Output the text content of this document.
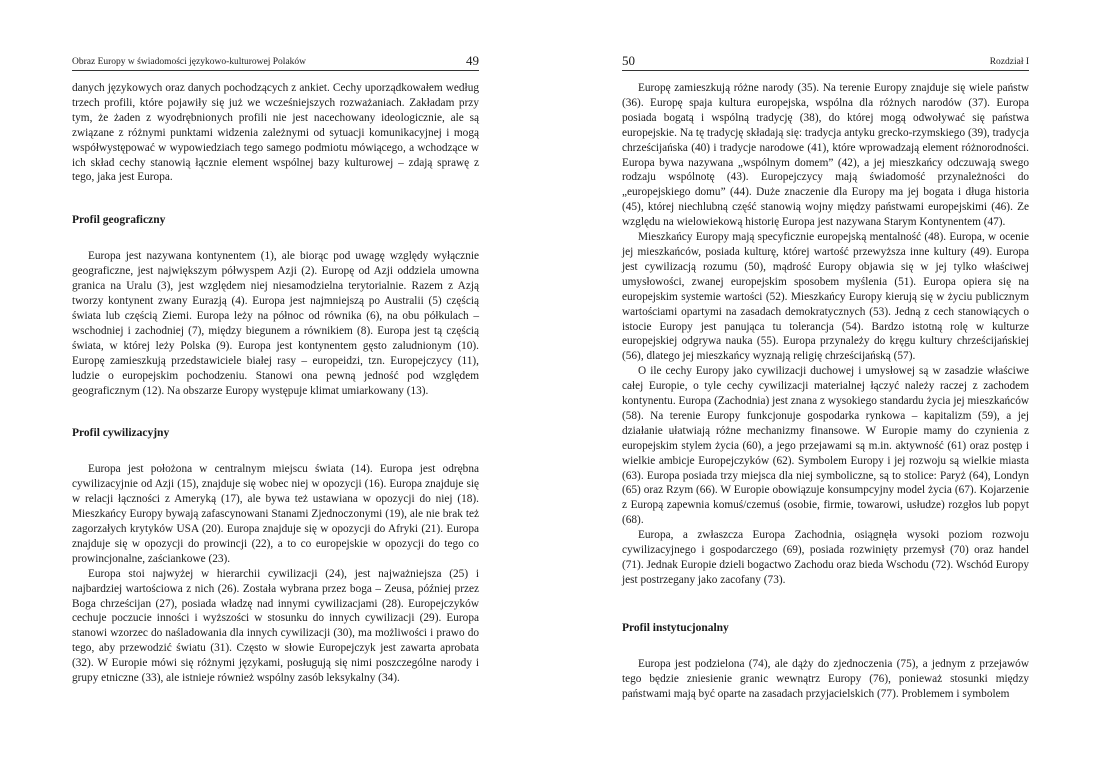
Obraz Europy w świadomości językowo-kulturowej Polaków	49

danych językowych oraz danych pochodzących z ankiet. Cechy uporządkowałem według trzech profili, które pojawiły się już we wcześniejszych rozważaniach. Zakładam przy tym, że żaden z wyodrębnionych profili nie jest nacechowany ideologicznie, ale są związane z różnymi punktami widzenia zależnymi od sytuacji komunikacyjnej i mogą współwystępować w wypowiedziach tego samego podmiotu mówiącego, a wchodzące w ich skład cechy stanowią łącznie element wspólnej bazy kulturowej – zdają sprawę z tego, jaka jest Europa.

Profil geograficzny

Europa jest nazywana kontynentem (1), ale biorąc pod uwagę względy wyłącznie geograficzne, jest największym półwyspem Azji (2). Europę od Azji oddziela umowna granica na Uralu (3), jest względem niej niesamodzielna terytorialnie. Razem z Azją tworzy kontynent zwany Eurazją (4). Europa jest najmniejszą po Australii (5) częścią świata lub częścią Ziemi. Europa leży na północ od równika (6), na obu półkulach – wschodniej i zachodniej (7), między biegunem a równikiem (8). Europa jest tą częścią świata, w której leży Polska (9). Europa jest kontynentem gęsto zaludnionym (10). Europę zamieszkują przedstawiciele białej rasy – europeidzi, tzn. Europejczycy (11), ludzie o europejskim pochodzeniu. Stanowi ona pewną jedność pod względem geograficznym (12). Na obszarze Europy występuje klimat umiarkowany (13).

Profil cywilizacyjny

Europa jest położona w centralnym miejscu świata (14). Europa jest odrębna cywilizacyjnie od Azji (15), znajduje się wobec niej w opozycji (16). Europa znajduje się w relacji łączności z Ameryką (17), ale bywa też ustawiana w opozycji do niej (18). Mieszkańcy Europy bywają zafascynowani Stanami Zjednoczonymi (19), ale nie brak też zagorzałych krytyków USA (20). Europa znajduje się w opozycji do Afryki (21). Europa znajduje się w opozycji do prowincji (22), a to co europejskie w opozycji do tego co prowincjonalne, zaściankowe (23).

Europa stoi najwyżej w hierarchii cywilizacji (24), jest najważniejsza (25) i najbardziej wartościowa z nich (26). Została wybrana przez boga – Zeusa, później przez Boga chrześcijan (27), posiada władzę nad innymi cywilizacjami (28). Europejczyków cechuje poczucie inności i wyższości w stosunku do innych cywilizacji (29). Europa stanowi wzorzec do naśladowania dla innych cywilizacji (30), ma możliwości i prawo do tego, aby przewodzić światu (31). Często w słowie Europejczyk jest zawarta aprobata (32). W Europie mówi się różnymi językami, posługują się nimi poszczególne narody i grupy etniczne (33), ale istnieje również wspólny zasób leksykalny (34).

50	Rozdział I

Europę zamieszkują różne narody (35). Na terenie Europy znajduje się wiele państw (36). Europę spaja kultura europejska, wspólna dla różnych narodów (37). Europa posiada bogatą i wspólną tradycję (38), do której mogą odwoływać się państwa europejskie. Na tę tradycję składają się: tradycja antyku grecko-rzymskiego (39), tradycja chrześcijańska (40) i tradycje narodowe (41), które wprowadzają element różnorodności. Europa bywa nazywana „wspólnym domem” (42), a jej mieszkańcy odczuwają swego rodzaju wspólnotę (43). Europejczycy mają świadomość przynależności do „europejskiego domu” (44). Duże znaczenie dla Europy ma jej bogata i długa historia (45), której niechlubną część stanowią wojny między państwami europejskimi (46). Ze względu na wielowiekową historię Europa jest nazywana Starym Kontynentem (47).

Mieszkańcy Europy mają specyficznie europejską mentalność (48). Europa, w ocenie jej mieszkańców, posiada kulturę, której wartość przewyższa inne kultury (49). Europa jest cywilizacją rozumu (50), mądrość Europy objawia się w jej tylko właściwej umysłowości, zwanej europejskim sposobem myślenia (51). Europa opiera się na europejskim systemie wartości (52). Mieszkańcy Europy kierują się w życiu publicznym wartościami opartymi na zasadach demokratycznych (53). Jedną z cech stanowiących o istocie Europy jest panująca tu tolerancja (54). Bardzo istotną rolę w kulturze europejskiej odgrywa nauka (55). Europa przynależy do kręgu kultury chrześcijańskiej (56), dlatego jej mieszkańcy wyznają religię chrześcijańską (57).

O ile cechy Europy jako cywilizacji duchowej i umysłowej są w zasadzie właściwe całej Europie, o tyle cechy cywilizacji materialnej łączyć należy raczej z zachodem kontynentu. Europa (Zachodnia) jest znana z wysokiego standardu życia jej mieszkańców (58). Na terenie Europy funkcjonuje gospodarka rynkowa – kapitalizm (59), a jej działanie ułatwiają różne mechanizmy finansowe. W Europie mamy do czynienia z europejskim stylem życia (60), a jego przejawami są m.in. aktywność (61) oraz postęp i wielkie ambicje Europejczyków (62). Symbolem Europy i jej rozwoju są wielkie miasta (63). Europa posiada trzy miejsca dla niej symboliczne, są to stolice: Paryż (64), Londyn (65) oraz Rzym (66). W Europie obowiązuje konsumpcyjny model życia (67). Kojarzenie z Europą zapewnia komuś/czemuś (osobie, firmie, towarowi, usłudze) rozgłos lub popyt (68).

Europa, a zwłaszcza Europa Zachodnia, osiągnęła wysoki poziom rozwoju cywilizacyjnego i gospodarczego (69), posiada rozwinięty przemysł (70) oraz handel (71). Jednak Europie dzieli bogactwo Zachodu oraz bieda Wschodu (72). Wschód Europy jest postrzegany jako zacofany (73).

Profil instytucjonalny

Europa jest podzielona (74), ale dąży do zjednoczenia (75), a jednym z przejawów tego będzie zniesienie granic wewnątrz Europy (76), ponieważ stosunki między państwami mają być oparte na zasadach przyjacielskich (77). Problemem i symbolem
